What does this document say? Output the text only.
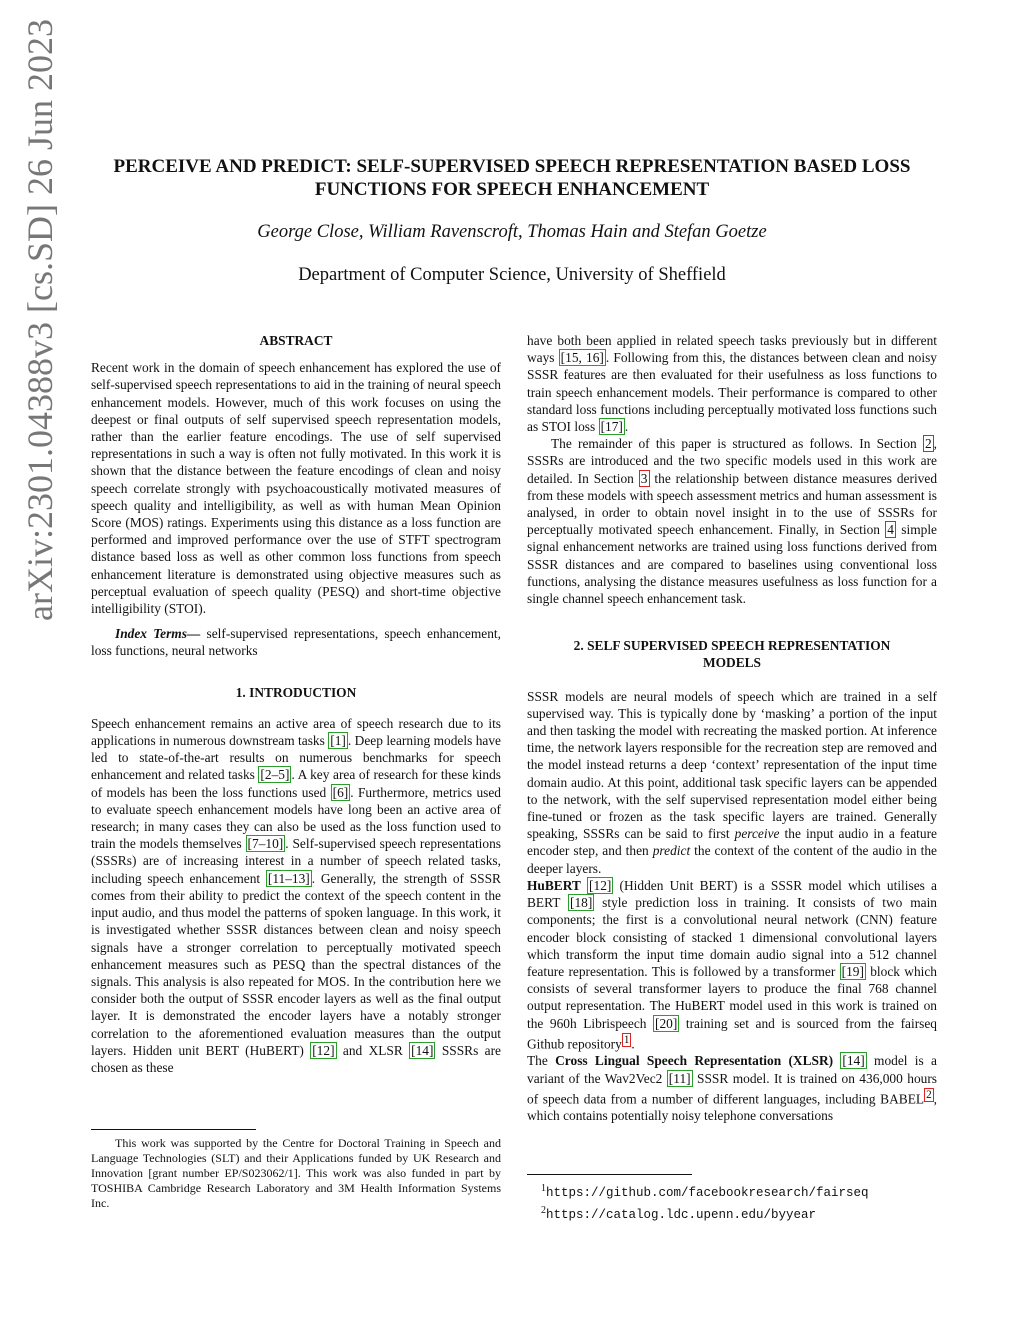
arXiv:2301.04388v3 [cs.SD] 26 Jun 2023	PERCEIVE AND PREDICT: SELF-SUPERVISED SPEECH REPRESENTATION BASED LOSS FUNCTIONS FOR SPEECH ENHANCEMENT
George Close, William Ravenscroft, Thomas Hain and Stefan Goetze
Department of Computer Science, University of Sheffield

ABSTRACT

Recent work in the domain of speech enhancement has explored the use of self-supervised speech representations to aid in the training of neural speech enhancement models. However, much of this work focuses on using the deepest or final outputs of self supervised speech representation models, rather than the earlier feature encodings. The use of self supervised representations in such a way is often not fully motivated. In this work it is shown that the distance between the feature encodings of clean and noisy speech correlate strongly with psychoacoustically motivated measures of speech quality and intelligibility, as well as with human Mean Opinion Score (MOS) ratings. Experiments using this distance as a loss function are performed and improved performance over the use of STFT spectrogram distance based loss as well as other common loss functions from speech enhancement literature is demonstrated using objective measures such as perceptual evaluation of speech quality (PESQ) and short-time objective intelligibility (STOI).

Index Terms— self-supervised representations, speech enhancement, loss functions, neural networks

1. INTRODUCTION

Speech enhancement remains an active area of speech research due to its applications in numerous downstream tasks [1] . Deep learning models have led to state-of-the-art results on numerous benchmarks for speech enhancement and related tasks [2–5] . A key area of research for these kinds of models has been the loss functions used [6] . Furthermore, metrics used to evaluate speech enhancement models have long been an active area of research; in many cases they can also be used as the loss function used to train the models themselves [7–10] . Self-supervised speech representations (SSSRs) are of increasing interest in a number of speech related tasks, including speech enhancement [11–13] . Generally, the strength of SSSR comes from their ability to predict the context of the speech content in the input audio, and thus model the patterns of spoken language. In this work, it is investigated whether SSSR distances between clean and noisy speech signals have a stronger correlation to perceptually motivated speech enhancement measures such as PESQ than the spectral distances of the signals. This analysis is also repeated for MOS. In the contribution here we consider both the output of SSSR encoder layers as well as the final output layer. It is demonstrated the encoder layers have a notably stronger correlation to the aforementioned evaluation measures than the output layers. Hidden unit BERT (HuBERT) [12] and XLSR [14] SSSRs are chosen as these

This work was supported by the Centre for Doctoral Training in Speech and Language Technologies (SLT) and their Applications funded by UK Research and Innovation [grant number EP/S023062/1]. This work was also funded in part by TOSHIBA Cambridge Research Laboratory and 3M Health Information Systems Inc.

have both been applied in related speech tasks previously but in different ways [15, 16] . Following from this, the distances between clean and noisy SSSR features are then evaluated for their usefulness as loss functions to train speech enhancement models. Their performance is compared to other standard loss functions including perceptually motivated loss functions such as STOI loss [17] .

The remainder of this paper is structured as follows. In Section 2 , SSSRs are introduced and the two specific models used in this work are detailed. In Section 3 the relationship between distance measures derived from these models with speech assessment metrics and human assessment is analysed, in order to obtain novel insight in to the use of SSSRs for perceptually motivated speech enhancement. Finally, in Section 4 simple signal enhancement networks are trained using loss functions derived from SSSR distances and are compared to baselines using conventional loss functions, analysing the distance measures usefulness as loss function for a single channel speech enhancement task.

2. SELF SUPERVISED SPEECH REPRESENTATION
MODELS

SSSR models are neural models of speech which are trained in a self supervised way. This is typically done by ‘masking’ a portion of the input and then tasking the model with recreating the masked portion. At inference time, the network layers responsible for the recreation step are removed and the model instead returns a deep ‘context’ representation of the input time domain audio. At this point, additional task specific layers can be appended to the network, with the self supervised representation model either being fine-tuned or frozen as the task specific layers are trained. Generally speaking, SSSRs can be said to first perceive the input audio in a feature encoder step, and then predict the context of the content of the audio in the deeper layers.

HuBERT [12] (Hidden Unit BERT) is a SSSR model which utilises a BERT [18] style prediction loss in training. It consists of two main components; the first is a convolutional neural network (CNN) feature encoder block consisting of stacked 1 dimensional convolutional layers which transform the input time domain audio signal into a 512 channel feature representation. This is followed by a transformer [19] block which consists of several transformer layers to produce the final 768 channel output representation. The HuBERT model used in this work is trained on the 960h Librispeech [20] training set and is sourced from the fairseq Github repository $^1$ .

The Cross Lingual Speech Representation (XLSR) [14] model is a variant of the Wav2Vec2 [11] SSSR model. It is trained on 436,000 hours of speech data from a number of different languages, including BABEL $^2$ , which contains potentially noisy telephone conversations

$^1$https://github.com/facebookresearch/fairseq
$^2$https://catalog.ldc.upenn.edu/byyear
